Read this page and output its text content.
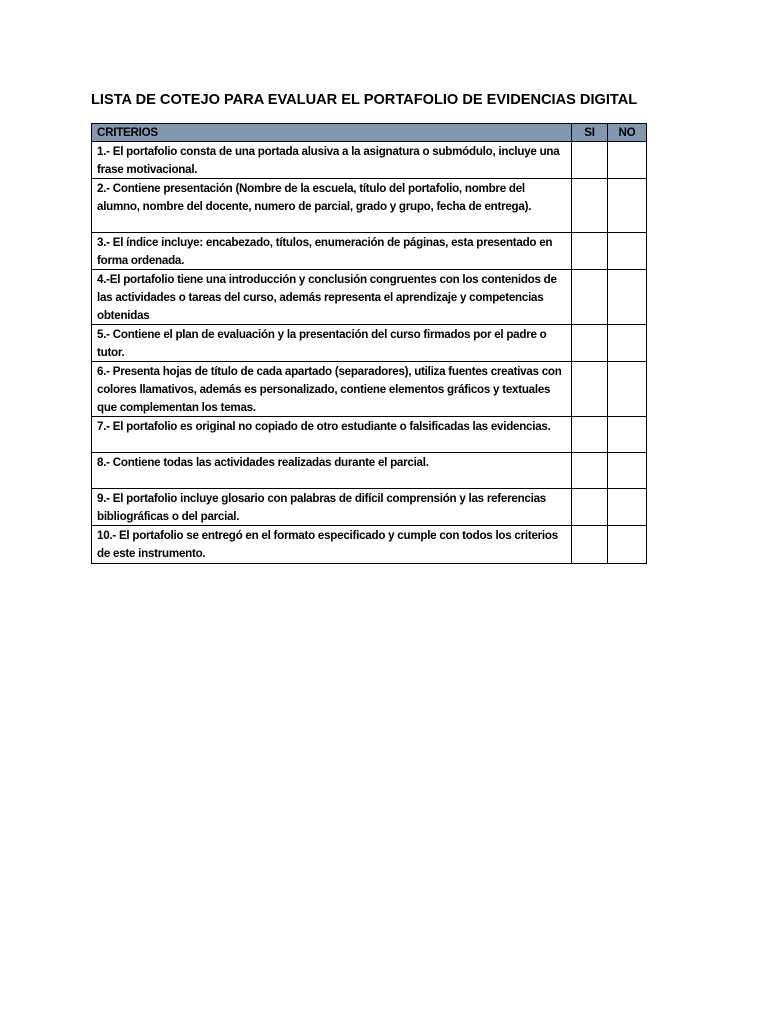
LISTA DE COTEJO PARA EVALUAR EL PORTAFOLIO DE EVIDENCIAS DIGITAL
CRITERIOS	SI	NO
1.- El portafolio consta de una portada alusiva a la asignatura o submódulo, incluye una frase motivacional.		
2.- Contiene presentación (Nombre de la escuela, título del portafolio, nombre del alumno, nombre del docente, numero de parcial, grado y grupo, fecha de entrega).		
3.- El índice incluye: encabezado, títulos, enumeración de páginas, esta presentado en forma ordenada.		
4.-El portafolio tiene una introducción y conclusión congruentes con los contenidos de las actividades o tareas del curso, además representa el aprendizaje y competencias obtenidas		
5.- Contiene el plan de evaluación y la presentación del curso firmados por el padre o tutor.		
6.- Presenta hojas de título de cada apartado (separadores), utiliza fuentes creativas con colores llamativos, además es personalizado, contiene elementos gráficos y textuales que complementan los temas.		
7.- El portafolio es original no copiado de otro estudiante o falsificadas las evidencias.		
8.- Contiene todas las actividades realizadas durante el parcial.		
9.- El portafolio incluye glosario con palabras de difícil comprensión y las referencias bibliográficas o del parcial.		
10.- El portafolio se entregó en el formato especificado y cumple con todos los criterios de este instrumento.		
